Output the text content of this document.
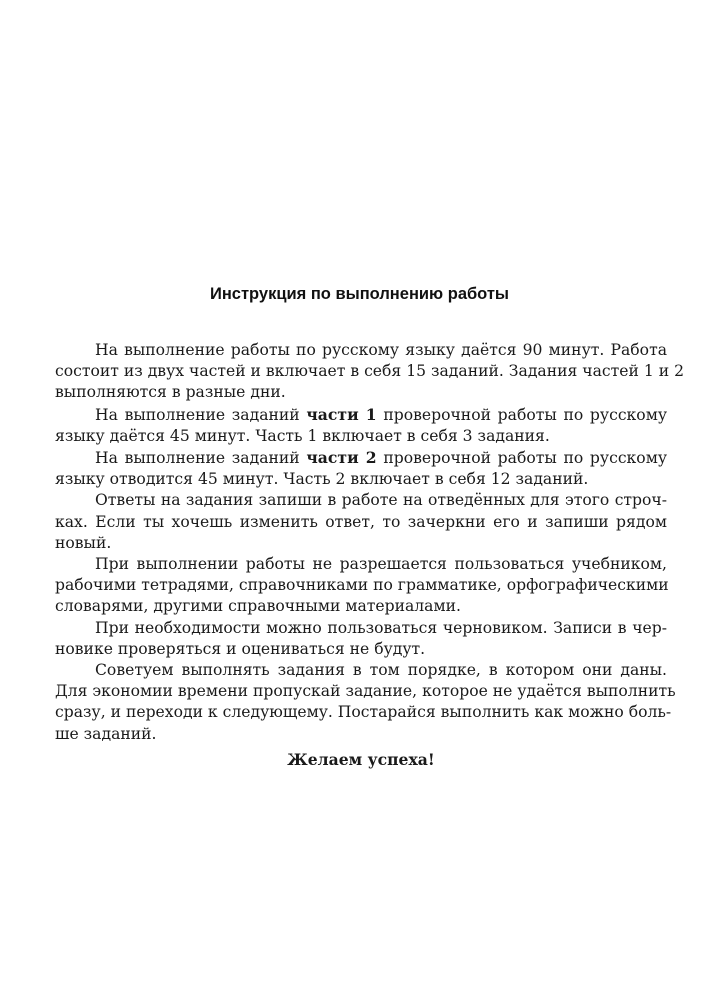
Инструкция по выполнению работы
На выполнение работы по русскому языку даётся 90 минут. Работа
состоит из двух частей и включает в себя 15 заданий. Задания частей 1 и 2
выполняются в разные дни.
На выполнение заданий части 1 проверочной работы по русскому
языку даётся 45 минут. Часть 1 включает в себя 3 задания.
На выполнение заданий части 2 проверочной работы по русскому
языку отводится 45 минут. Часть 2 включает в себя 12 заданий.
Ответы на задания запиши в работе на отведённых для этого строч-
ках. Если ты хочешь изменить ответ, то зачеркни его и запиши рядом
новый.
При выполнении работы не разрешается пользоваться учебником,
рабочими тетрадями, справочниками по грамматике, орфографическими
словарями, другими справочными материалами.
При необходимости можно пользоваться черновиком. Записи в чер-
новике проверяться и оцениваться не будут.
Советуем выполнять задания в том порядке, в котором они даны.
Для экономии времени пропускай задание, которое не удаётся выполнить
сразу, и переходи к следующему. Постарайся выполнить как можно боль-
ше заданий.
Желаем успеха!
